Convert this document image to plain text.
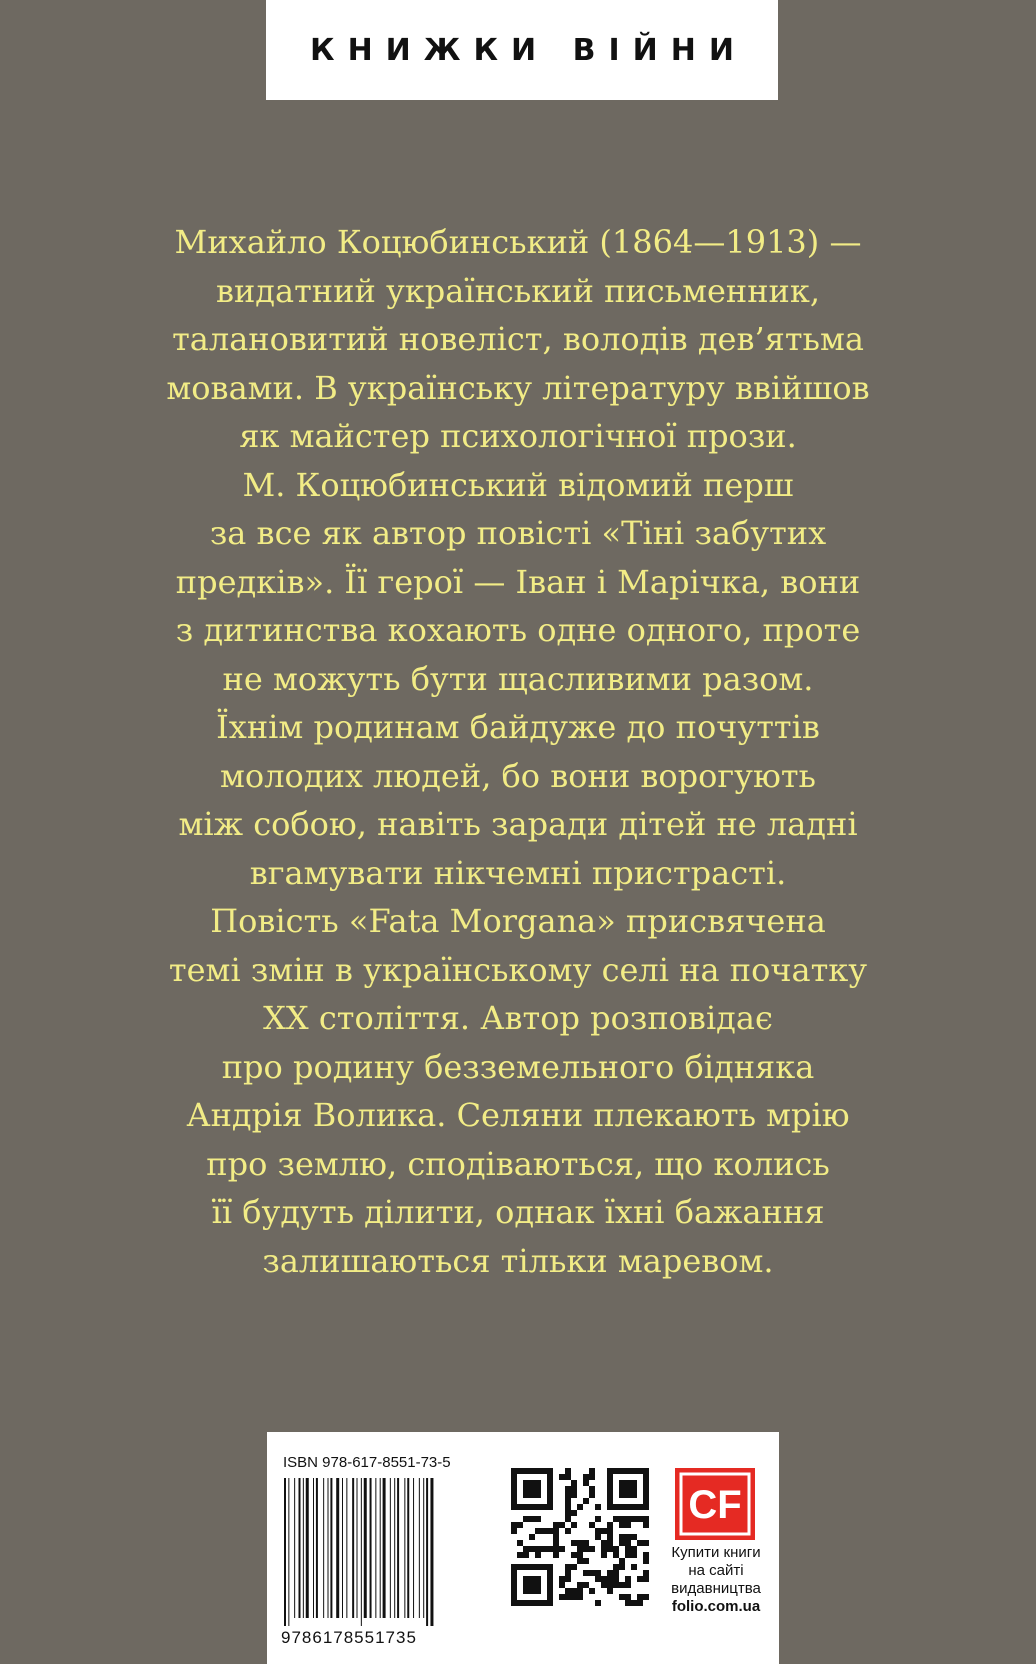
КНИЖКИ ВІЙНИ
Михайло Коцюбинський (1864—1913) —
видатний український письменник,
талановитий новеліст, володів дев’ятьма
мовами. В українську літературу ввійшов
як майстер психологічної прози.
М. Коцюбинський відомий перш
за все як автор повісті «Тіні забутих
предків». Її герої — Іван і Марічка, вони
з дитинства кохають одне одного, проте
не можуть бути щасливими разом.
Їхнім родинам байдуже до почуттів
молодих людей, бо вони ворогують
між собою, навіть заради дітей не ладні
вгамувати нікчемні пристрасті.
Повість «Fata Morgana» присвячена
темі змін в українському селі на початку
ХХ століття. Автор розповідає
про родину безземельного бідняка
Андрія Волика. Селяни плекають мрію
про землю, сподіваються, що колись
її будуть ділити, однак їхні бажання
залишаються тільки маревом.
ISBN 978-617-8551-73-5
9786178551735
CF
Купити книги
на сайті
видавництва
folio.com.ua
